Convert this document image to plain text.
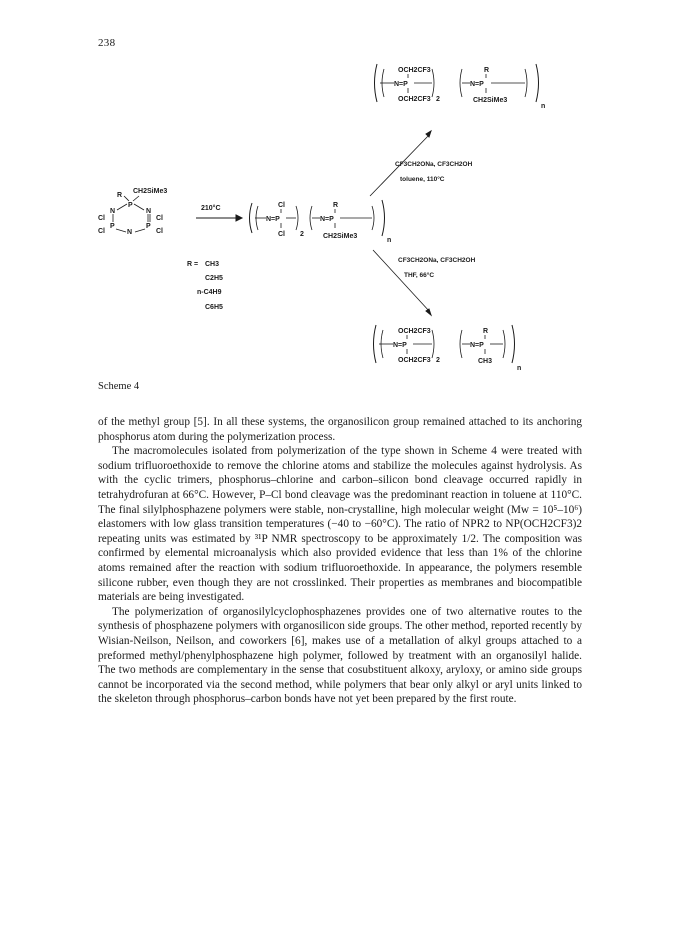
238
R
CH2SiMe3
P
N	N
P	P
N
Cl
Cl
Cl
Cl
R = CH3
C2H5
n-C4H9
C6H5
210°C
N=P
Cl
Cl 2
N=P
R
CH2SiMe3
n
CF3CH2ONa, CF3CH2OH
toluene, 110°C
N=P
OCH2CF3
OCH2CF3 2
N=P
R
CH2SiMe3
n
CF3CH2ONa, CF3CH2OH
THF, 66°C
N=P
OCH2CF3
OCH2CF3 2
N=P
R
CH3
n
Scheme 4

of the methyl group [5]. In all these systems, the organosilicon group remained attached to its anchoring phosphorus atom during the polymerization process.

The macromolecules isolated from polymerization of the type shown in Scheme 4 were treated with sodium trifluoroethoxide to remove the chlorine atoms and stabilize the molecules against hydrolysis. As with the cyclic trimers, phosphorus–chlorine and carbon–silicon bond cleavage occurred rapidly in tetrahydrofuran at 66°C. However, P–Cl bond cleavage was the predominant reaction in toluene at 110°C. The final silylphosphazene polymers were stable, non-crystalline, high molecular weight (Mw = 10⁵–10⁶) elastomers with low glass transition temperatures (−40 to −60°C). The ratio of NPR2 to NP(OCH2CF3)2 repeating units was estimated by ³¹P NMR spectroscopy to be approximately 1/2. The composition was confirmed by elemental microanalysis which also provided evidence that less than 1% of the chlorine atoms remained after the reaction with sodium trifluoroethoxide. In appearance, the polymers resemble silicone rubber, even though they are not crosslinked. Their properties as membranes and biocompatible materials are being investigated.

The polymerization of organosilylcyclophosphazenes provides one of two alternative routes to the synthesis of phosphazene polymers with organosilicon side groups. The other method, reported recently by Wisian-Neilson, Neilson, and coworkers [6], makes use of a metallation of alkyl groups attached to a preformed methyl/phenylphosphazene high polymer, followed by treatment with an organosilyl halide. The two methods are complementary in the sense that cosubstituent alkoxy, aryloxy, or amino side groups cannot be incorporated via the second method, while polymers that bear only alkyl or aryl units linked to the skeleton through phosphorus–carbon bonds have not yet been prepared by the first route.
